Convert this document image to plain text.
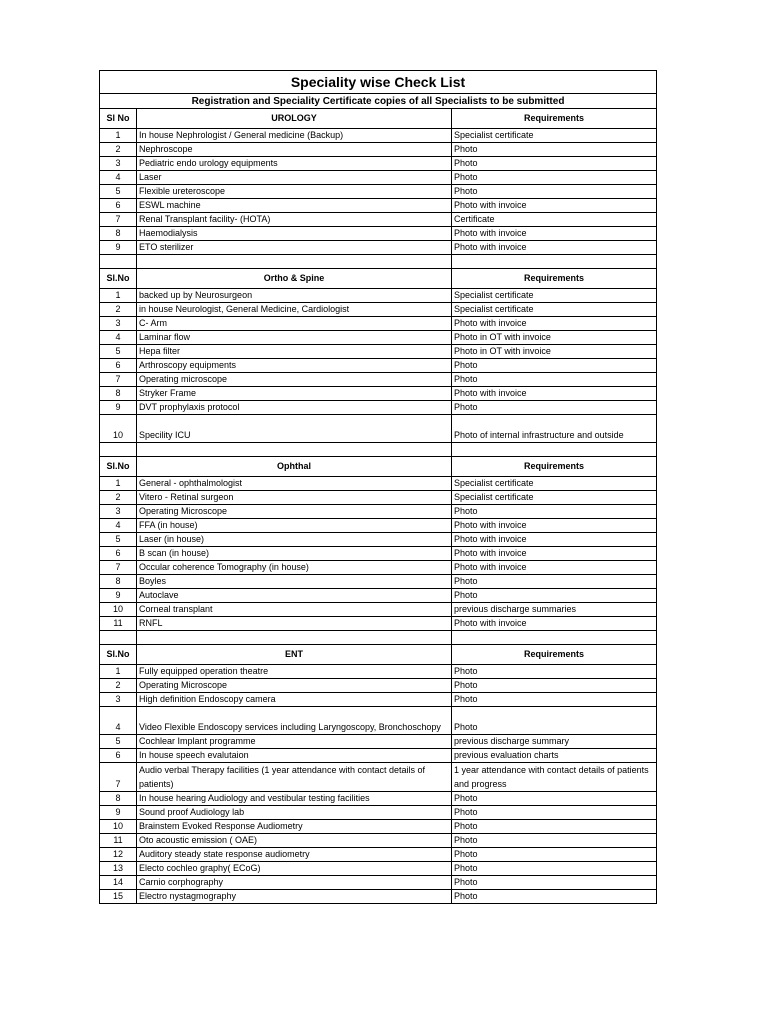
Speciality wise Check List		
Registration and Speciality Certificate copies of all Specialists to be submitted		
Sl No	UROLOGY	Requirements
1	In house Nephrologist / General medicine (Backup)	Specialist certificate
2	Nephroscope	Photo
3	Pediatric endo urology equipments	Photo
4	Laser	Photo
5	Flexible ureteroscope	Photo
6	ESWL machine	Photo with invoice
7	Renal Transplant facility- (HOTA)	Certificate
8	Haemodialysis	Photo with invoice
9	ETO sterilizer	Photo with invoice

Sl.No	Ortho & Spine	Requirements
1	backed up by Neurosurgeon	Specialist certificate
2	in house Neurologist, General Medicine, Cardiologist	Specialist certificate
3	C- Arm	Photo with invoice
4	Laminar flow	Photo in OT with invoice
5	Hepa filter	Photo in OT with invoice
6	Arthroscopy equipments	Photo
7	Operating microscope	Photo
8	Stryker Frame	Photo with invoice
9	DVT prophylaxis protocol	Photo
10	Specility ICU	Photo of internal infrastructure and outside

Sl.No	Ophthal	Requirements
1	General - ophthalmologist	Specialist certificate
2	Vitero - Retinal surgeon	Specialist certificate
3	Operating Microscope	Photo
4	FFA (in house)	Photo with invoice
5	Laser (in house)	Photo with invoice
6	B scan (in house)	Photo with invoice
7	Occular coherence Tomography (in house)	Photo with invoice
8	Boyles	Photo
9	Autoclave	Photo
10	Corneal transplant	previous discharge summaries
11	RNFL	Photo with invoice

Sl.No	ENT	Requirements
1	Fully equipped operation theatre	Photo
2	Operating Microscope	Photo
3	High definition Endoscopy camera	Photo
4	Video Flexible Endoscopy services including Laryngoscopy, Bronchoschopy	Photo
5	Cochlear Implant programme	previous discharge summary
6	In house speech evalutaion	previous evaluation charts
7	Audio verbal Therapy facilities (1 year attendance with contact details of patients)	1 year attendance with contact details of patients and progress
8	In house hearing Audiology and vestibular testing facilities	Photo
9	Sound proof Audiology lab	Photo
10	Brainstem Evoked Response Audiometry	Photo
11	Oto acoustic emission ( OAE)	Photo
12	Auditory steady state response audiometry	Photo
13	Electo cochleo graphy( ECoG)	Photo
14	Carnio corphography	Photo
15	Electro nystagmography	Photo
